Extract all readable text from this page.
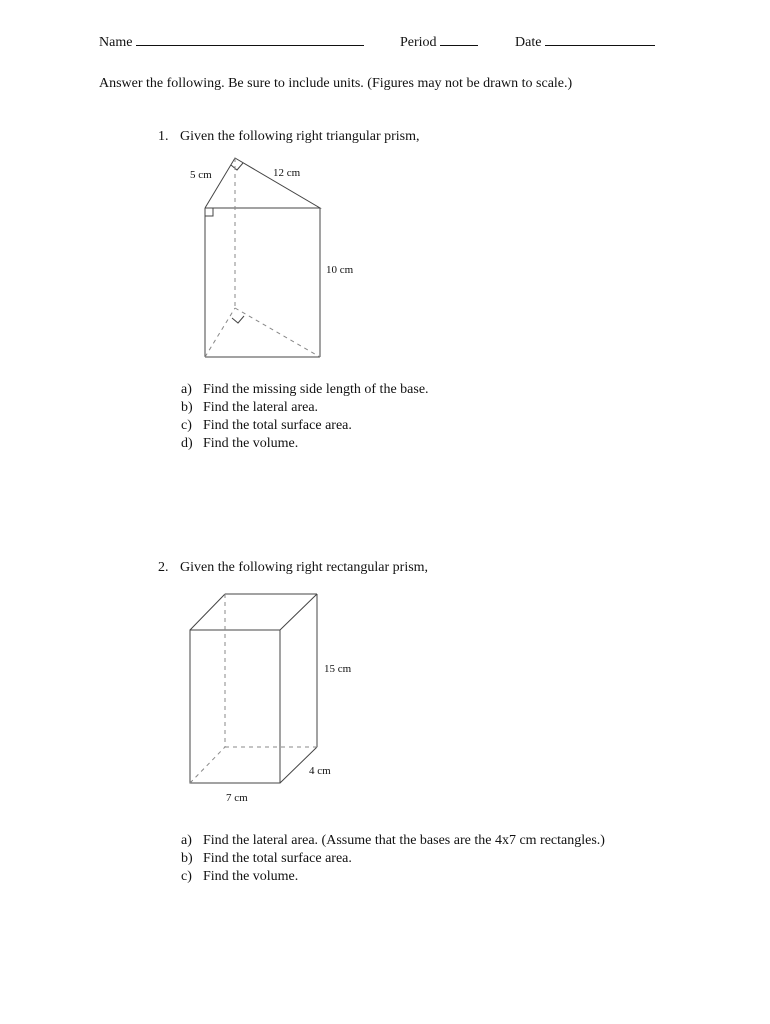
Name	Period	Date
Answer the following. Be sure to include units. (Figures may not be drawn to scale.)
1. Given the following right triangular prism,
5 cm	12 cm
10 cm
a) Find the missing side length of the base.
b) Find the lateral area.
c) Find the total surface area.
d) Find the volume.
2. Given the following right rectangular prism,
15 cm
4 cm
7 cm
a) Find the lateral area. (Assume that the bases are the 4x7 cm rectangles.)
b) Find the total surface area.
c) Find the volume.
